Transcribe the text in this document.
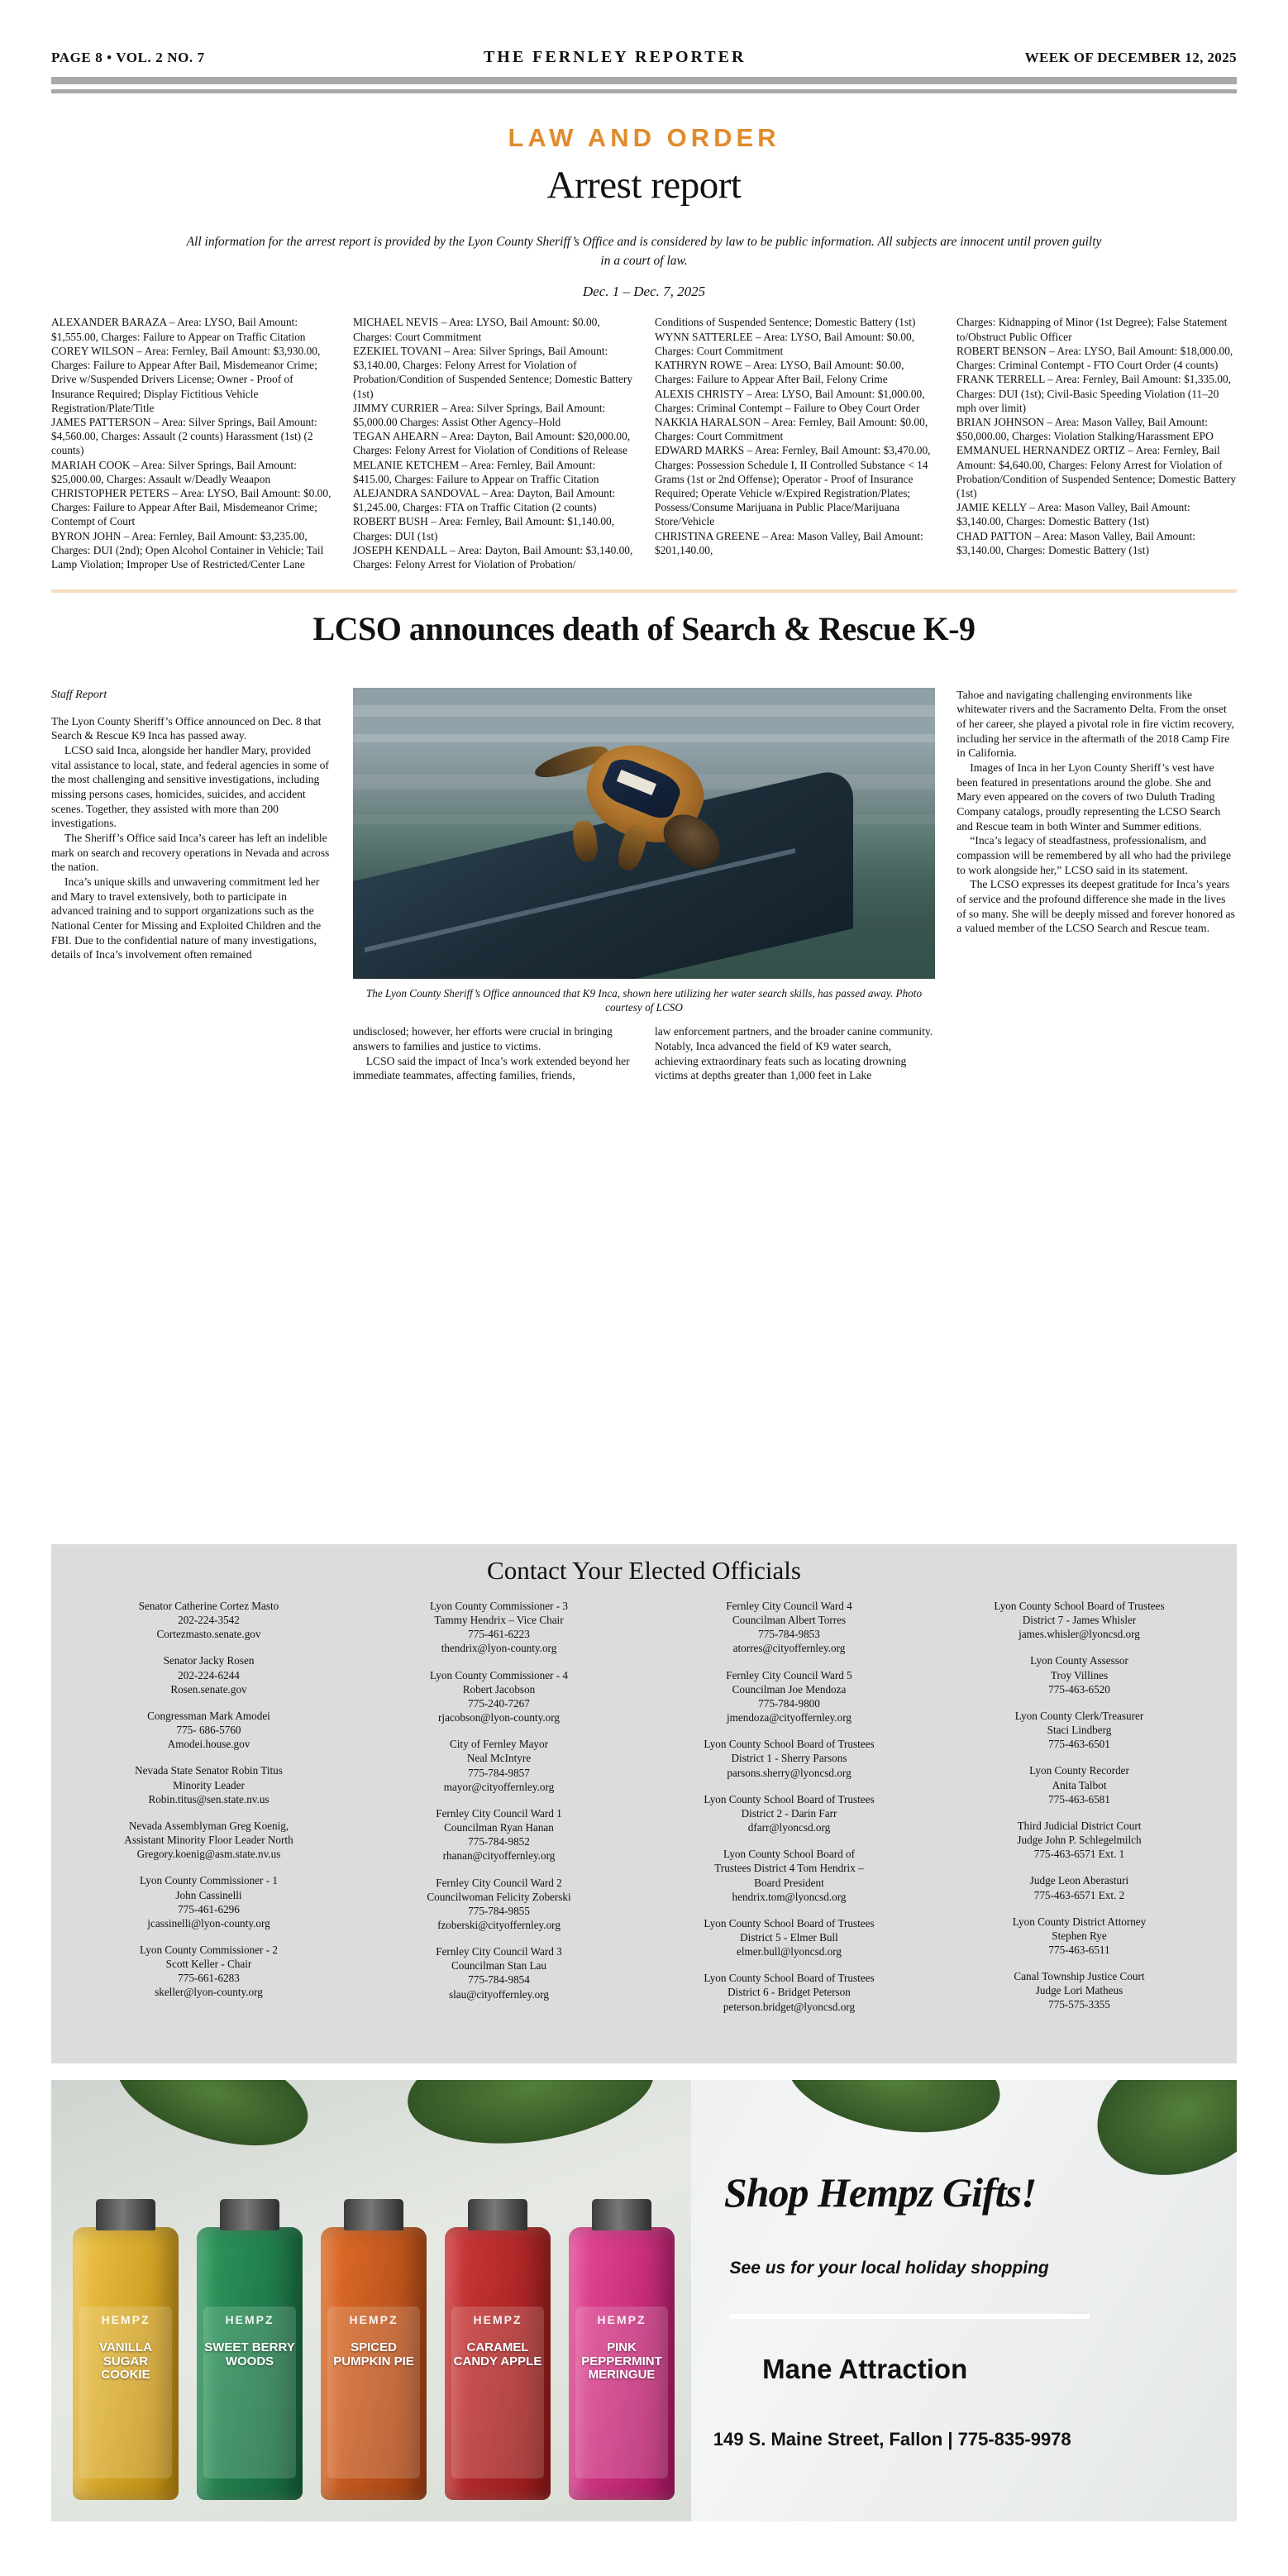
PAGE 8 • VOL. 2 NO. 7	THE FERNLEY REPORTER	WEEK OF DECEMBER 12, 2025
LAW AND ORDER
Arrest report
All information for the arrest report is provided by the Lyon County Sheriff’s Office and is considered by law to be public information. All subjects are innocent until proven guilty in a court of law.
Dec. 1 – Dec. 7, 2025

ALEXANDER BARAZA – Area: LYSO, Bail Amount: $1,555.00, Charges: Failure to Appear on Traffic Citation

COREY WILSON – Area: Fernley, Bail Amount: $3,930.00, Charges: Failure to Appear After Bail, Misdemeanor Crime; Drive w/Suspended Drivers License; Owner - Proof of Insurance Required; Display Fictitious Vehicle Registration/Plate/Title

JAMES PATTERSON – Area: Silver Springs, Bail Amount: $4,560.00, Charges: Assault (2 counts) Harassment (1st) (2 counts)

MARIAH COOK – Area: Silver Springs, Bail Amount: $25,000.00, Charges: Assault w/Deadly Weaapon

CHRISTOPHER PETERS – Area: LYSO, Bail Amount: $0.00, Charges: Failure to Appear After Bail, Misdemeanor Crime; Contempt of Court

BYRON JOHN – Area: Fernley, Bail Amount: $3,235.00, Charges: DUI (2nd); Open Alcohol Container in Vehicle; Tail Lamp Violation; Improper Use of Restricted/Center Lane

MICHAEL NEVIS – Area: LYSO, Bail Amount: $0.00, Charges: Court Commitment

EZEKIEL TOVANI – Area: Silver Springs, Bail Amount: $3,140.00, Charges: Felony Arrest for Violation of Probation/Condition of Suspended Sentence; Domestic Battery (1st)

JIMMY CURRIER – Area: Silver Springs, Bail Amount: $5,000.00 Charges: Assist Other Agency–Hold

TEGAN AHEARN – Area: Dayton, Bail Amount: $20,000.00, Charges: Felony Arrest for Violation of Conditions of Release

MELANIE KETCHEM – Area: Fernley, Bail Amount: $415.00, Charges: Failure to Appear on Traffic Citation

ALEJANDRA SANDOVAL – Area: Dayton, Bail Amount: $1,245.00, Charges: FTA on Traffic Citation (2 counts)

ROBERT BUSH – Area: Fernley, Bail Amount: $1,140.00, Charges: DUI (1st)

JOSEPH KENDALL – Area: Dayton, Bail Amount: $3,140.00, Charges: Felony Arrest for Violation of Probation/

Conditions of Suspended Sentence; Domestic Battery (1st)

WYNN SATTERLEE – Area: LYSO, Bail Amount: $0.00, Charges: Court Commitment

KATHRYN ROWE – Area: LYSO, Bail Amount: $0.00, Charges: Failure to Appear After Bail, Felony Crime

ALEXIS CHRISTY – Area: LYSO, Bail Amount: $1,000.00, Charges: Criminal Contempt – Failure to Obey Court Order

NAKKIA HARALSON – Area: Fernley, Bail Amount: $0.00, Charges: Court Commitment

EDWARD MARKS – Area: Fernley, Bail Amount: $3,470.00, Charges: Possession Schedule I, II Controlled Substance < 14 Grams (1st or 2nd Offense); Operator - Proof of Insurance Required; Operate Vehicle w/Expired Registration/Plates; Possess/Consume Marijuana in Public Place/Marijuana Store/Vehicle

CHRISTINA GREENE – Area: Mason Valley, Bail Amount: $201,140.00,

Charges: Kidnapping of Minor (1st Degree); False Statement to/Obstruct Public Officer

ROBERT BENSON – Area: LYSO, Bail Amount: $18,000.00, Charges: Criminal Contempt - FTO Court Order (4 counts)

FRANK TERRELL – Area: Fernley, Bail Amount: $1,335.00, Charges: DUI (1st); Civil-Basic Speeding Violation (11–20 mph over limit)

BRIAN JOHNSON – Area: Mason Valley, Bail Amount: $50,000.00, Charges: Violation Stalking/Harassment EPO

EMMANUEL HERNANDEZ ORTIZ – Area: Fernley, Bail Amount: $4,640.00, Charges: Felony Arrest for Violation of Probation/Condition of Suspended Sentence; Domestic Battery (1st)

JAMIE KELLY – Area: Mason Valley, Bail Amount: $3,140.00, Charges: Domestic Battery (1st)

CHAD PATTON – Area: Mason Valley, Bail Amount: $3,140.00, Charges: Domestic Battery (1st)

LCSO announces death of Search & Rescue K-9
Staff Report

The Lyon County Sheriff’s Office announced on Dec. 8 that Search & Rescue K9 Inca has passed away.

LCSO said Inca, alongside her handler Mary, provided vital assistance to local, state, and federal agencies in some of the most challenging and sensitive investigations, including missing persons cases, homicides, suicides, and accident scenes. Together, they assisted with more than 200 investigations.

The Sheriff’s Office said Inca’s career has left an indelible mark on search and recovery operations in Nevada and across the nation.

Inca’s unique skills and unwavering commitment led her and Mary to travel extensively, both to participate in advanced training and to support organizations such as the National Center for Missing and Exploited Children and the FBI. Due to the confidential nature of many investigations, details of Inca’s involvement often remained

The Lyon County Sheriff’s Office announced that K9 Inca, shown here utilizing her water search skills, has passed away. Photo courtesy of LCSO

undisclosed; however, her efforts were crucial in bringing answers to families and justice to victims.

LCSO said the impact of Inca’s work extended beyond her immediate teammates, affecting families, friends,

law enforcement partners, and the broader canine community. Notably, Inca advanced the field of K9 water search, achieving extraordinary feats such as locating drowning victims at depths greater than 1,000 feet in Lake

Tahoe and navigating challenging environments like whitewater rivers and the Sacramento Delta. From the onset of her career, she played a pivotal role in fire victim recovery, including her service in the aftermath of the 2018 Camp Fire in California.

Images of Inca in her Lyon County Sheriff’s vest have been featured in presentations around the globe. She and Mary even appeared on the covers of two Duluth Trading Company catalogs, proudly representing the LCSO Search and Rescue team in both Winter and Summer editions.

“Inca’s legacy of steadfastness, professionalism, and compassion will be remembered by all who had the privilege to work alongside her,” LCSO said in its statement.

The LCSO expresses its deepest gratitude for Inca’s years of service and the profound difference she made in the lives of so many. She will be deeply missed and forever honored as a valued member of the LCSO Search and Rescue team.

Contact Your Elected Officials
Senator Catherine Cortez Masto
202-224-3542
Cortezmasto.senate.gov
Senator Jacky Rosen
202-224-6244
Rosen.senate.gov
Congressman Mark Amodei
775- 686-5760
Amodei.house.gov
Nevada State Senator Robin Titus
Minority Leader
Robin.titus@sen.state.nv.us
Nevada Assemblyman Greg Koenig,
Assistant Minority Floor Leader North
Gregory.koenig@asm.state.nv.us
Lyon County Commissioner - 1
John Cassinelli
775-461-6296
jcassinelli@lyon-county.org
Lyon County Commissioner - 2
Scott Keller - Chair
775-661-6283
skeller@lyon-county.org
Lyon County Commissioner - 3
Tammy Hendrix – Vice Chair
775-461-6223
thendrix@lyon-county.org
Lyon County Commissioner - 4
Robert Jacobson
775-240-7267
rjacobson@lyon-county.org
City of Fernley Mayor
Neal McIntyre
775-784-9857
mayor@cityoffernley.org
Fernley City Council Ward 1
Councilman Ryan Hanan
775-784-9852
rhanan@cityoffernley.org
Fernley City Council Ward 2
Councilwoman Felicity Zoberski
775-784-9855
fzoberski@cityoffernley.org
Fernley City Council Ward 3
Councilman Stan Lau
775-784-9854
slau@cityoffernley.org
Fernley City Council Ward 4
Councilman Albert Torres
775-784-9853
atorres@cityoffernley.org
Fernley City Council Ward 5
Councilman Joe Mendoza
775-784-9800
jmendoza@cityoffernley.org
Lyon County School Board of Trustees
District 1 - Sherry Parsons
parsons.sherry@lyoncsd.org
Lyon County School Board of Trustees
District 2 - Darin Farr
dfarr@lyoncsd.org
Lyon County School Board of
Trustees District 4 Tom Hendrix –
Board President
hendrix.tom@lyoncsd.org
Lyon County School Board of Trustees
District 5 - Elmer Bull
elmer.bull@lyoncsd.org
Lyon County School Board of Trustees
District 6 - Bridget Peterson
peterson.bridget@lyoncsd.org
Lyon County School Board of Trustees
District 7 - James Whisler
james.whisler@lyoncsd.org
Lyon County Assessor
Troy Villines
775-463-6520
Lyon County Clerk/Treasurer
Staci Lindberg
775-463-6501
Lyon County Recorder
Anita Talbot
775-463-6581
Third Judicial District Court
Judge John P. Schlegelmilch
775-463-6571 Ext. 1
Judge Leon Aberasturi
775-463-6571 Ext. 2
Lyon County District Attorney
Stephen Rye
775-463-6511
Canal Township Justice Court
Judge Lori Matheus
775-575-3355
HEMPZ
VANILLA SUGAR COOKIE
HEMPZ
SWEET BERRY WOODS
HEMPZ
SPICED PUMPKIN PIE
HEMPZ
CARAMEL CANDY APPLE
HEMPZ
PINK PEPPERMINT MERINGUE
Shop Hempz Gifts!
See us for your local holiday shopping
Mane Attraction
149 S. Maine Street, Fallon | 775-835-9978
